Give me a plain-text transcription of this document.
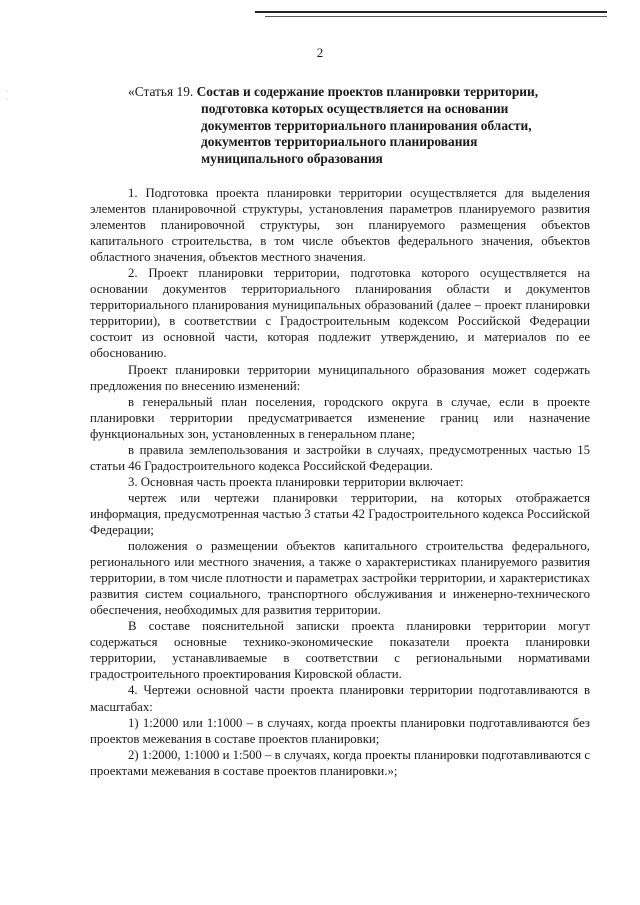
·
·
2
«Статья 19. Состав и содержание проектов планировки территории,
подготовка которых осуществляется на основании
документов территориального планирования области,
документов территориального планирования
муниципального образования

1. Подготовка проекта планировки территории осуществляется для выделения элементов планировочной структуры, установления параметров планируемого развития элементов планировочной структуры, зон планируемого размещения объектов капитального строительства, в том числе объектов федерального значения, объектов областного значения, объектов местного значения.

2. Проект планировки территории, подготовка которого осуществляется на основании документов территориального планирования области и документов территориального планирования муниципальных образований (далее – проект планировки территории), в соответствии с Градостроительным кодексом Российской Федерации состоит из основной части, которая подлежит утверждению, и материалов по ее обоснованию.

Проект планировки территории муниципального образования может содержать предложения по внесению изменений:

в генеральный план поселения, городского округа в случае, если в проекте планировки территории предусматривается изменение границ или назначение функциональных зон, установленных в генеральном плане;

в правила землепользования и застройки в случаях, предусмотренных частью 15 статьи 46 Градостроительного кодекса Российской Федерации.

3. Основная часть проекта планировки территории включает:

чертеж или чертежи планировки территории, на которых отображается информация, предусмотренная частью 3 статьи 42 Градостроительного кодекса Российской Федерации;

положения о размещении объектов капитального строительства федерального, регионального или местного значения, а также о характеристиках планируемого развития территории, в том числе плотности и параметрах застройки территории, и характеристиках развития систем социального, транспортного обслуживания и инженерно-технического обеспечения, необходимых для развития территории.

В составе пояснительной записки проекта планировки территории могут содержаться основные технико-экономические показатели проекта планировки территории, устанавливаемые в соответствии с региональными нормативами градостроительного проектирования Кировской области.

4. Чертежи основной части проекта планировки территории подготавливаются в масштабах:

1) 1:2000 или 1:1000 – в случаях, когда проекты планировки подготавливаются без проектов межевания в составе проектов планировки;

2) 1:2000, 1:1000 и 1:500 – в случаях, когда проекты планировки подготавливаются с проектами межевания в составе проектов планировки.»;
